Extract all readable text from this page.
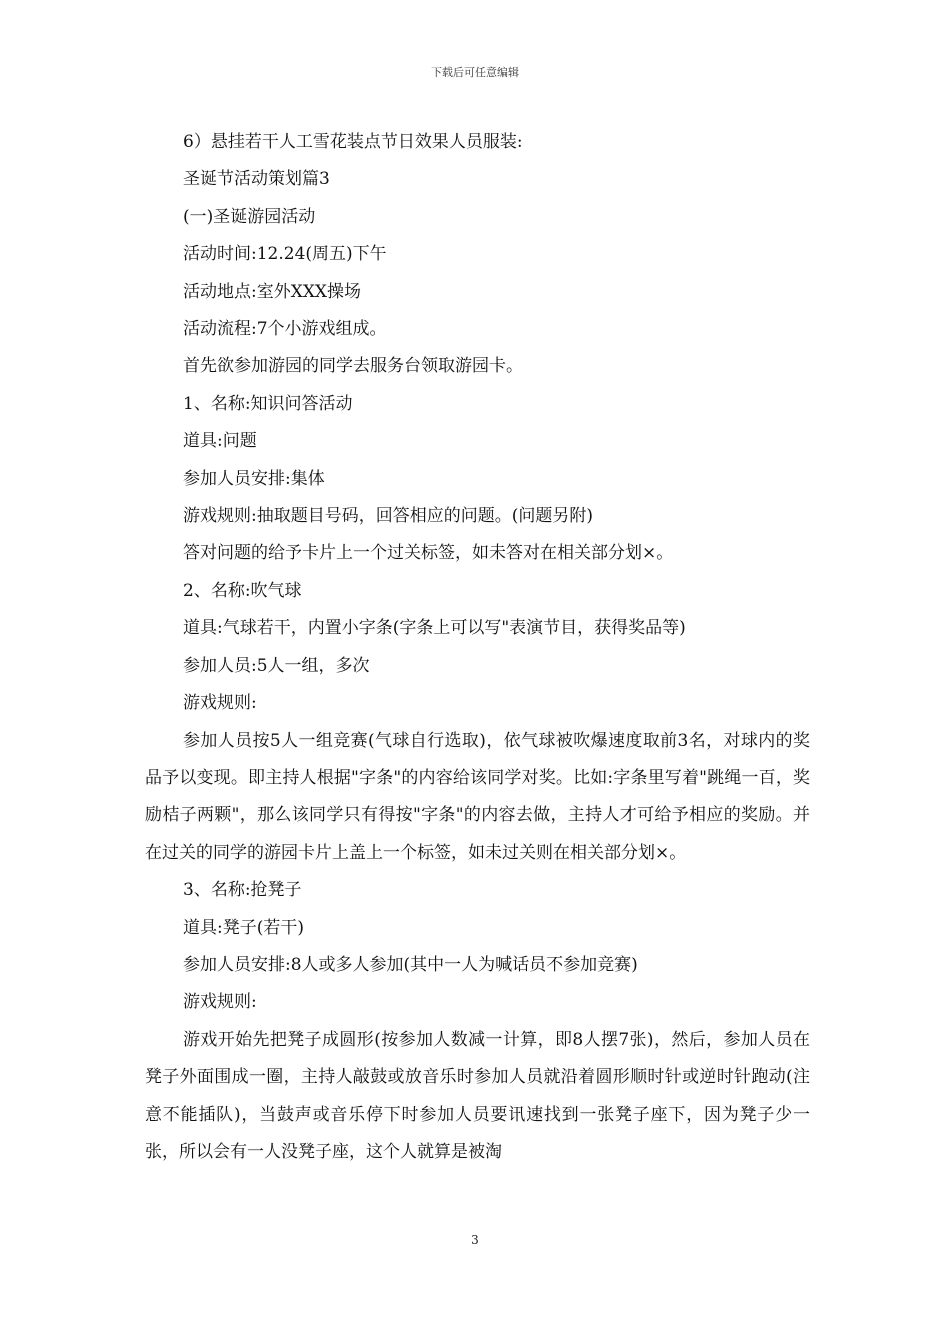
下载后可任意编辑
6）悬挂若干人工雪花装点节日效果人员服装:
圣诞节活动策划篇3
(一)圣诞游园活动
活动时间:12.24(周五)下午
活动地点:室外XXX操场
活动流程:7个小游戏组成。
首先欲参加游园的同学去服务台领取游园卡。
1、名称:知识问答活动
道具:问题
参加人员安排:集体
游戏规则:抽取题目号码，回答相应的问题。(问题另附)
答对问题的给予卡片上一个过关标签，如未答对在相关部分划×。
2、名称:吹气球
道具:气球若干，内置小字条(字条上可以写"表演节目，获得奖品等)
参加人员:5人一组，多次
游戏规则:
参加人员按5人一组竞赛(气球自行选取)，依气球被吹爆速度取前3名，对球内的奖品予以变现。即主持人根据"字条"的内容给该同学对奖。比如:字条里写着"跳绳一百，奖励桔子两颗"，那么该同学只有得按"字条"的内容去做，主持人才可给予相应的奖励。并在过关的同学的游园卡片上盖上一个标签，如未过关则在相关部分划×。
3、名称:抢凳子
道具:凳子(若干)
参加人员安排:8人或多人参加(其中一人为喊话员不参加竞赛)
游戏规则:
游戏开始先把凳子成圆形(按参加人数减一计算，即8人摆7张)，然后，参加人员在凳子外面围成一圈，主持人敲鼓或放音乐时参加人员就沿着圆形顺时针或逆时针跑动(注意不能插队)，当鼓声或音乐停下时参加人员要讯速找到一张凳子座下，因为凳子少一张，所以会有一人没凳子座，这个人就算是被淘
3
